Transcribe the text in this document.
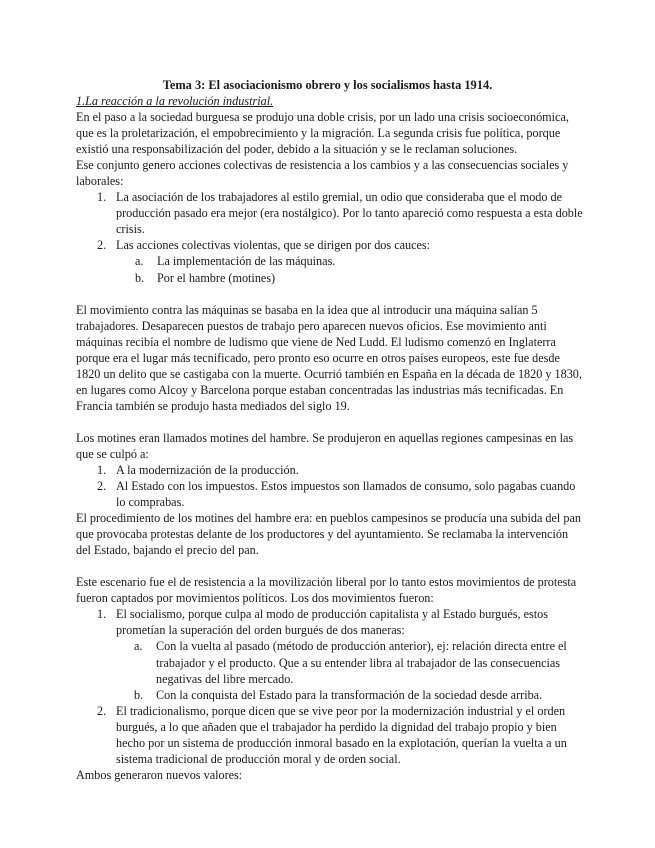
Tema 3: El asociacionismo obrero y los socialismos hasta 1914.

1.La reacción a la revolución industrial.

En el paso a la sociedad burguesa se produjo una doble crisis, por un lado una crisis socioeconómica, que es la proletarización, el empobrecimiento y la migración. La segunda crisis fue política, porque existió una responsabilización del poder, debido a la situación y se le reclaman soluciones.

Ese conjunto genero acciones colectivas de resistencia a los cambios y a las consecuencias sociales y laborales:

1. La asociación de los trabajadores al estilo gremial, un odio que consideraba que el modo de producción pasado era mejor (era nostálgico). Por lo tanto apareció como respuesta a esta doble crisis.
2. Las acciones colectivas violentas, que se dirigen por dos cauces:
a. La implementación de las máquinas.
b. Por el hambre (motines)

El movimiento contra las máquinas se basaba en la idea que al introducir una máquina salían 5 trabajadores. Desaparecen puestos de trabajo pero aparecen nuevos oficios. Ese movimiento anti máquinas recibía el nombre de ludismo que viene de Ned Ludd. El ludismo comenzó en Inglaterra porque era el lugar más tecnificado, pero pronto eso ocurre en otros países europeos, este fue desde 1820 un delito que se castigaba con la muerte. Ocurrió también en España en la década de 1820 y 1830, en lugares como Alcoy y Barcelona porque estaban concentradas las industrias más tecnificadas. En Francia también se produjo hasta mediados del siglo 19.

Los motines eran llamados motines del hambre. Se produjeron en aquellas regiones campesinas en las que se culpó a:

1. A la modernización de la producción.
2. Al Estado con los impuestos. Estos impuestos son llamados de consumo, solo pagabas cuando lo comprabas.

El procedimiento de los motines del hambre era: en pueblos campesinos se producía una subida del pan que provocaba protestas delante de los productores y del ayuntamiento. Se reclamaba la intervención del Estado, bajando el precio del pan.

Este escenario fue el de resistencia a la movilización liberal por lo tanto estos movimientos de protesta fueron captados por movimientos políticos. Los dos movimientos fueron:

1. El socialismo, porque culpa al modo de producción capitalista y al Estado burgués, estos prometían la superación del orden burgués de dos maneras:
a. Con la vuelta al pasado (método de producción anterior), ej: relación directa entre el trabajador y el producto. Que a su entender libra al trabajador de las consecuencias negativas del libre mercado.
b. Con la conquista del Estado para la transformación de la sociedad desde arriba.
2. El tradicionalismo, porque dicen que se vive peor por la modernización industrial y el orden burgués, a lo que añaden que el trabajador ha perdido la dignidad del trabajo propio y bien hecho por un sistema de producción inmoral basado en la explotación, querían la vuelta a un sistema tradicional de producción moral y de orden social.

Ambos generaron nuevos valores:
